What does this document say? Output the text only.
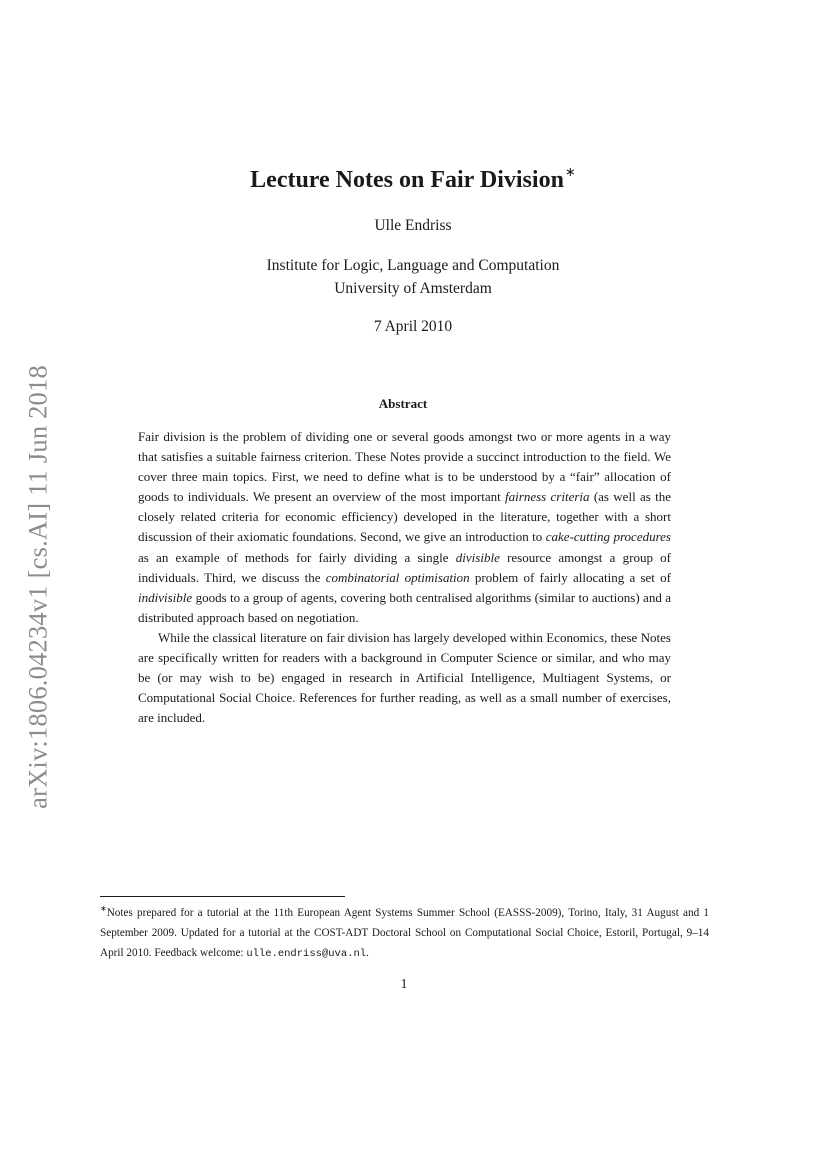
arXiv:1806.04234v1 [cs.AI] 11 Jun 2018
Lecture Notes on Fair Division∗
Ulle Endriss
Institute for Logic, Language and Computation
University of Amsterdam
7 April 2010
Abstract

Fair division is the problem of dividing one or several goods amongst two or more agents in a way that satisfies a suitable fairness criterion. These Notes provide a succinct introduction to the field. We cover three main topics. First, we need to define what is to be understood by a “fair” allocation of goods to individuals. We present an overview of the most important fairness criteria (as well as the closely related criteria for economic efficiency) developed in the literature, together with a short discussion of their axiomatic foundations. Second, we give an introduction to cake-cutting procedures as an example of methods for fairly dividing a single divisible resource amongst a group of individuals. Third, we discuss the combinatorial optimisation problem of fairly allocating a set of indivisible goods to a group of agents, covering both centralised algorithms (similar to auctions) and a distributed approach based on negotiation.

While the classical literature on fair division has largely developed within Economics, these Notes are specifically written for readers with a background in Computer Science or similar, and who may be (or may wish to be) engaged in research in Artificial Intelligence, Multiagent Systems, or Computational Social Choice. References for further reading, as well as a small number of exercises, are included.

∗Notes prepared for a tutorial at the 11th European Agent Systems Summer School (EASSS-2009), Torino, Italy, 31 August and 1 September 2009. Updated for a tutorial at the COST-ADT Doctoral School on Computational Social Choice, Estoril, Portugal, 9–14 April 2010. Feedback welcome: ulle.endriss@uva.nl.
1
